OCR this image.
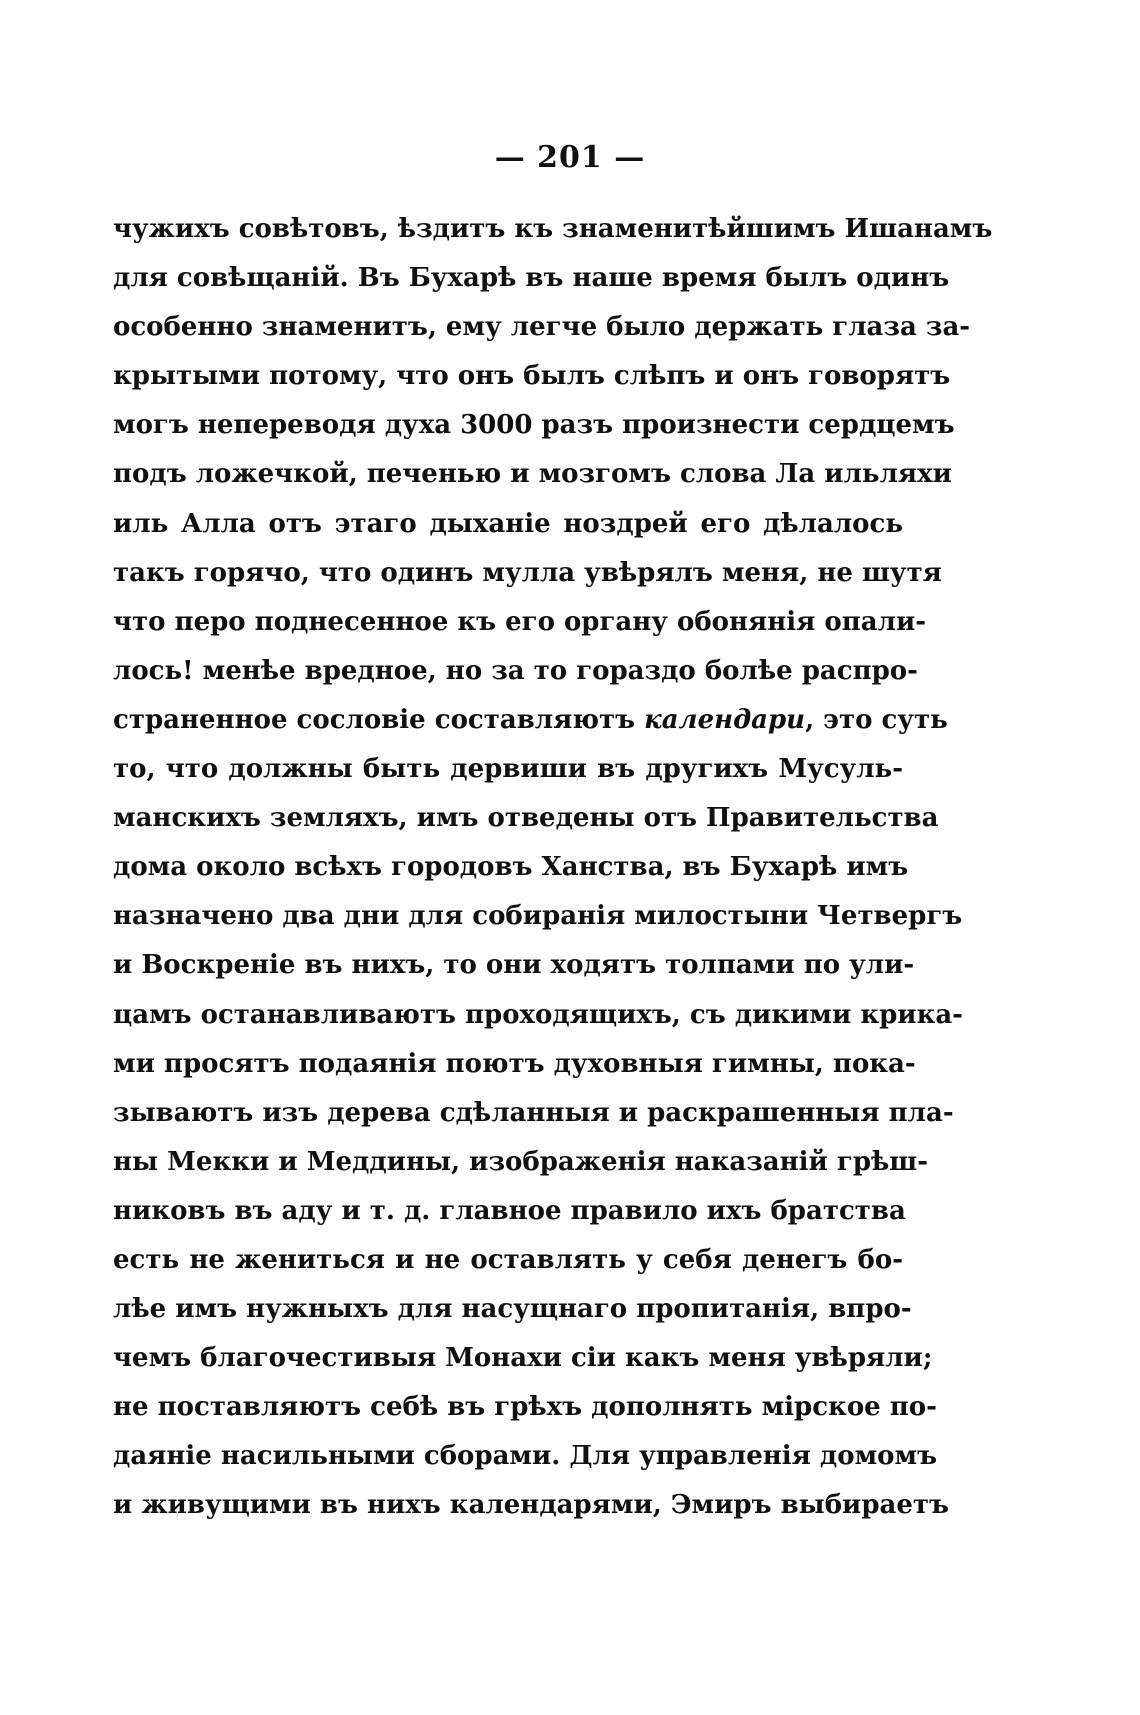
— 201 —
чужихъ совѣтовъ, ѣздитъ къ знаменитѣйшимъ Ишанамъ
для совѣщаній. Въ Бухарѣ въ наше время былъ одинъ
особенно знаменитъ, ему легче было держать глаза за-
крытыми потому, что онъ былъ слѣпъ и онъ говорятъ
могъ непереводя духа 3000 разъ произнести сердцемъ
подъ ложечкой, печенью и мозгомъ слова Ла ильляхи
иль Алла отъ этаго дыханіе ноздрей его дѣлалось
такъ горячо, что одинъ мулла увѣрялъ меня, не шутя
что перо поднесенное къ его органу обонянія опали-
лось! менѣе вредное, но за то гораздо болѣе распро-
страненное сословіе составляютъ календари, это суть
то, что должны быть дервиши въ другихъ Мусуль-
манскихъ земляхъ, имъ отведены отъ Правительства
дома около всѣхъ городовъ Ханства, въ Бухарѣ имъ
назначено два дни для собиранія милостыни Четвергъ
и Воскреніе въ нихъ, то они ходятъ толпами по ули-
цамъ останавливаютъ проходящихъ, съ дикими крика-
ми просятъ подаянія поютъ духовныя гимны, пока-
зываютъ изъ дерева сдѣланныя и раскрашенныя пла-
ны Мекки и Меддины, изображенія наказаній грѣш-
никовъ въ аду и т. д. главное правило ихъ братства
есть не жениться и не оставлять у себя денегъ бо-
лѣе имъ нужныхъ для насущнаго пропитанія, впро-
чемъ благочестивыя Монахи сіи какъ меня увѣряли;
не поставляютъ себѣ въ грѣхъ дополнять мірское по-
даяніе насильными сборами. Для управленія домомъ
и живущими въ нихъ календарями, Эмиръ выбираетъ
